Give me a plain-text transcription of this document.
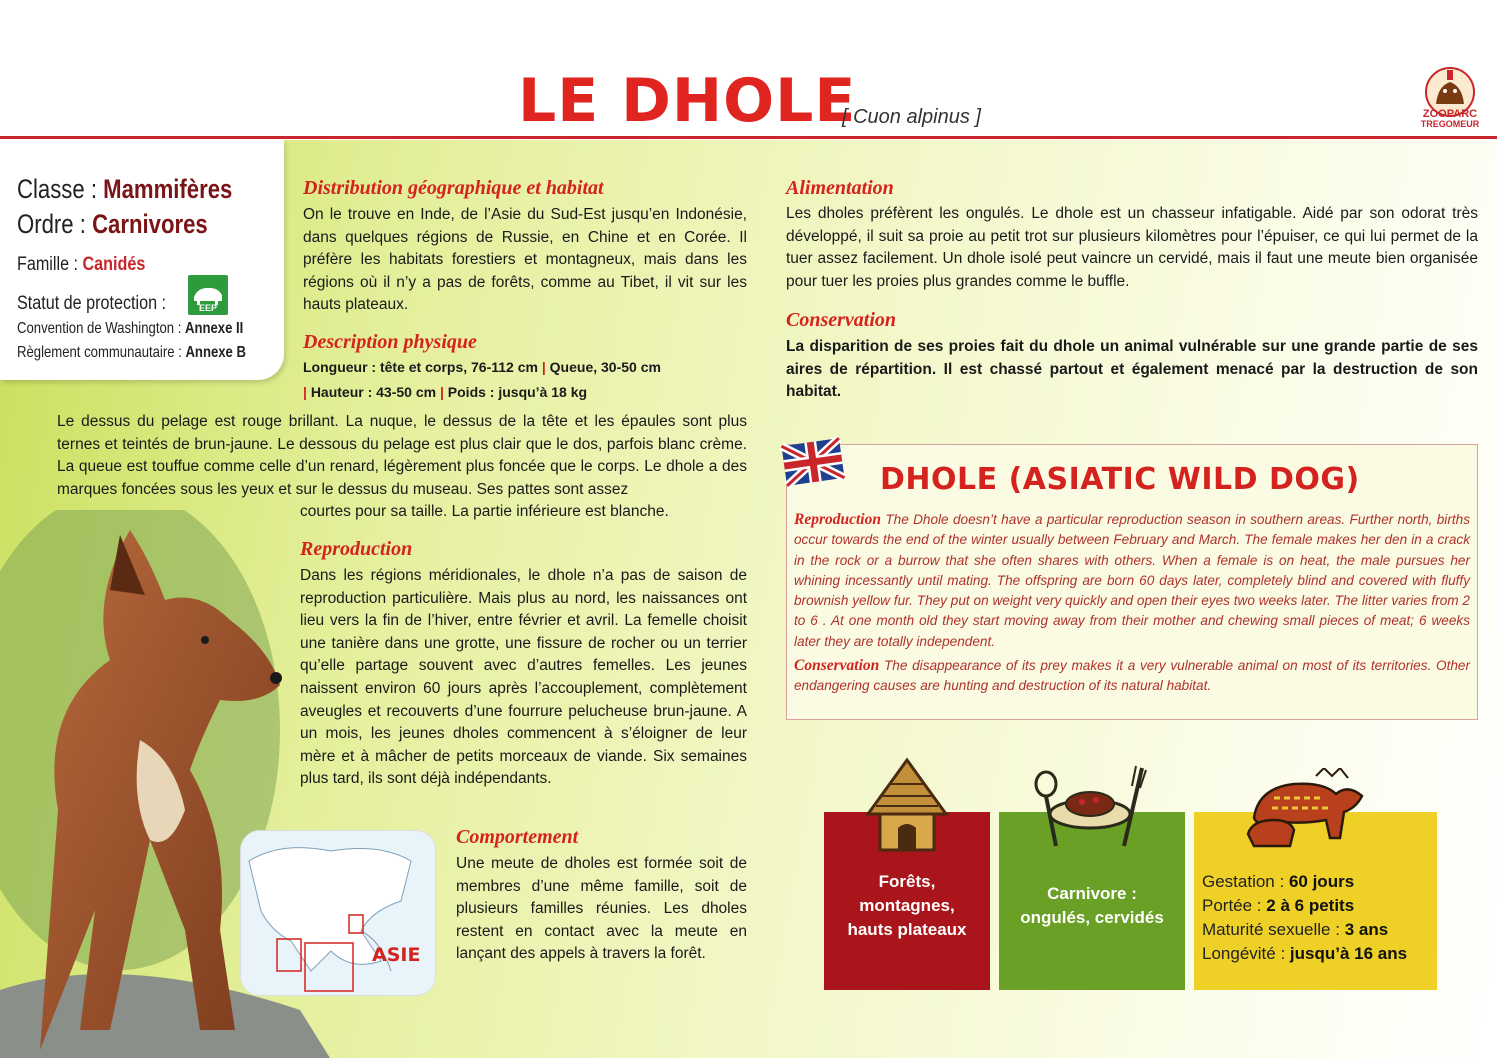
LE DHOLE
[ Cuon alpinus ]	ZOOPARC
TREGOMEUR
Classe : Mammifères
Ordre : Carnivores
Famille : Canidés
Statut de protection :	EEP
Convention de Washington : Annexe II
Règlement communautaire : Annexe B
Distribution géographique et habitat
On le trouve en Inde, de l’Asie du Sud-Est jusqu’en Indonésie, dans quelques régions de Russie, en Chine et en Corée. Il préfère les habitats forestiers et montagneux, mais dans les régions où il n’y a pas de forêts, comme au Tibet, il vit sur les hauts plateaux.
Description physique
Longueur : tête et corps, 76-112 cm | Queue, 30-50 cm
| Hauteur : 43-50 cm | Poids : jusqu’à 18 kg
Le dessus du pelage est rouge brillant. La nuque, le dessus de la tête et les épaules sont plus ternes et teintés de brun-jaune. Le dessous du pelage est plus clair que le dos, parfois blanc crème. La queue est touffue comme celle d’un renard, légèrement plus foncée que le corps. Le dhole a des marques foncées sous les yeux et sur le dessus du museau. Ses pattes sont assez
courtes pour sa taille. La partie inférieure est blanche.
Reproduction
Dans les régions méridionales, le dhole n’a pas de saison de reproduction particulière. Mais plus au nord, les naissances ont lieu vers la fin de l’hiver, entre février et avril. La femelle choisit une tanière dans une grotte, une fissure de rocher ou un terrier qu’elle partage souvent avec d’autres femelles. Les jeunes naissent environ 60 jours après l’accouplement, complètement aveugles et recouverts d’une fourrure pelucheuse brun-jaune. A un mois, les jeunes dholes commencent à s’éloigner de leur mère et à mâcher de petits morceaux de viande. Six semaines plus tard, ils sont déjà indépendants.
ASIE
Comportement
Une meute de dholes est formée soit de membres d’une même famille, soit de plusieurs familles réunies. Les dholes restent en contact avec la meute en lançant des appels à travers la forêt.
Alimentation
Les dholes préfèrent les ongulés. Le dhole est un chasseur infatigable. Aidé par son odorat très développé, il suit sa proie au petit trot sur plusieurs kilomètres pour l’épuiser, ce qui lui permet de la tuer assez facilement. Un dhole isolé peut vaincre un cervidé, mais il faut une meute bien organisée pour tuer les proies plus grandes comme le buffle.
Conservation
La disparition de ses proies fait du dhole un animal vulnérable sur une grande partie de ses aires de répartition. Il est chassé partout et également menacé par la destruction de son habitat.
DHOLE (ASIATIC WILD DOG)
Reproduction The Dhole doesn’t have a particular reproduction season in southern areas. Further north, births occur towards the end of the winter usually between February and March. The female makes her den in a crack in the rock or a burrow that she often shares with others. When a female is on heat, the male pursues her whining incessantly until mating. The offspring are born 60 days later, completely blind and covered with fluffy brownish yellow fur. They put on weight very quickly and open their eyes two weeks later. The litter varies from 2 to 6 . At one month old they start moving away from their mother and chewing small pieces of meat; 6 weeks later they are totally independent.
Conservation The disappearance of its prey makes it a very vulnerable animal on most of its territories. Other endangering causes are hunting and destruction of its natural habitat.
Forêts,
montagnes,
hauts plateaux
Carnivore :
ongulés, cervidés
Gestation : 60 jours
Portée : 2 à 6 petits
Maturité sexuelle : 3 ans
Longévité : jusqu’à 16 ans
